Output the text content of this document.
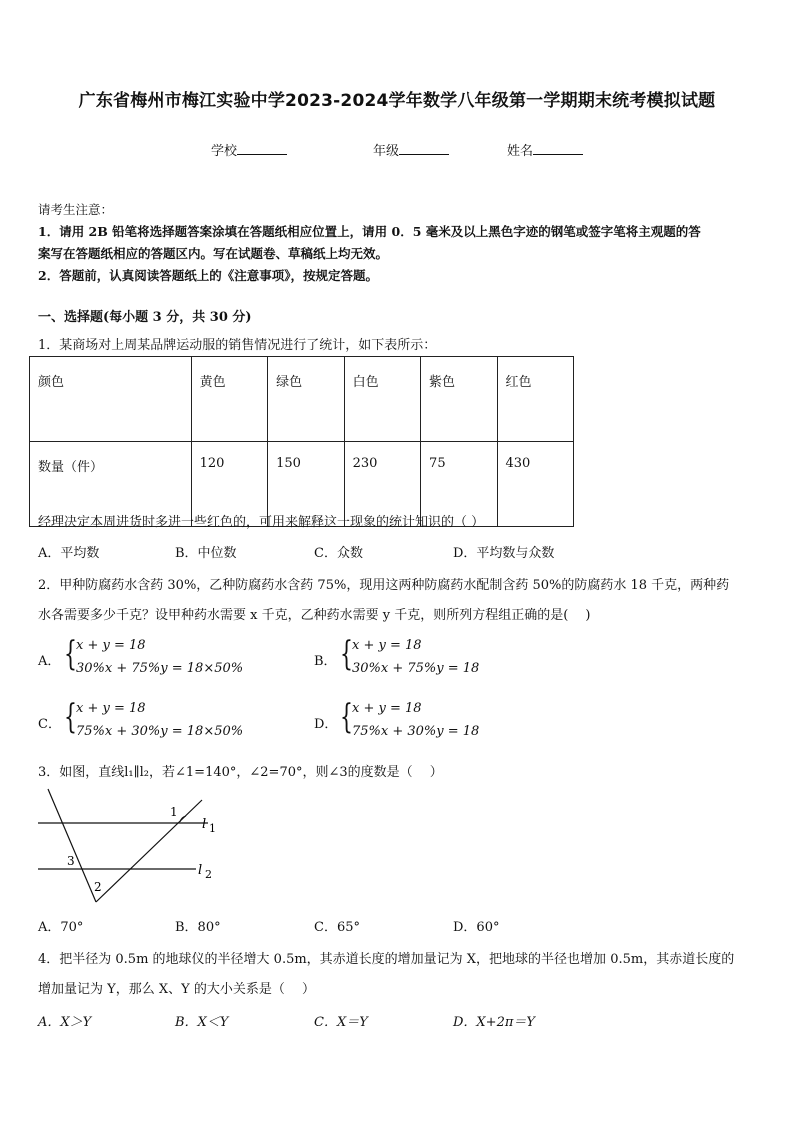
广东省梅州市梅江实验中学2023-2024学年数学八年级第一学期期末统考模拟试题
学校	年级	姓名
请考生注意：
1．请用 2B 铅笔将选择题答案涂填在答题纸相应位置上，请用 0．5 毫米及以上黑色字迹的钢笔或签字笔将主观题的答
案写在答题纸相应的答题区内。写在试题卷、草稿纸上均无效。
2．答题前，认真阅读答题纸上的《注意事项》，按规定答题。
一、选择题(每小题 3 分，共 30 分)
1．某商场对上周某品牌运动服的销售情况进行了统计，如下表所示：
颜色	黄色	绿色	白色	紫色	红色
数量（件）	120	150	230	75	430
经理决定本周进货时多进一些红色的，可用来解释这一现象的统计知识的（ ）
A．平均数	B．中位数	C．众数	D．平均数与众数
2．甲种防腐药水含药 30%，乙种防腐药水含药 75%，现用这两种防腐药水配制含药 50%的防腐药水 18 千克，两种药
水各需要多少千克？设甲种药水需要 x 千克，乙种药水需要 y 千克，则所列方程组正确的是(　 )
A． { x + y = 18
30%x + 75%y = 18×50%	B． { x + y = 18
30%x + 75%y = 18
C． { x + y = 18
75%x + 30%y = 18×50%	D． { x + y = 18
75%x + 30%y = 18
3．如图，直线l₁∥l₂，若∠1=140°，∠2=70°，则∠3的度数是（　 ）
1
2
3
l 1
l 2
A．70°	B．80°	C．65°	D．60°
4．把半径为 0.5m 的地球仪的半径增大 0.5m，其赤道长度的增加量记为 X，把地球的半径也增加 0.5m，其赤道长度的
增加量记为 Y，那么 X、Y 的大小关系是（　 ）
A．X＞Y	B．X＜Y	C．X＝Y	D．X+2π＝Y
